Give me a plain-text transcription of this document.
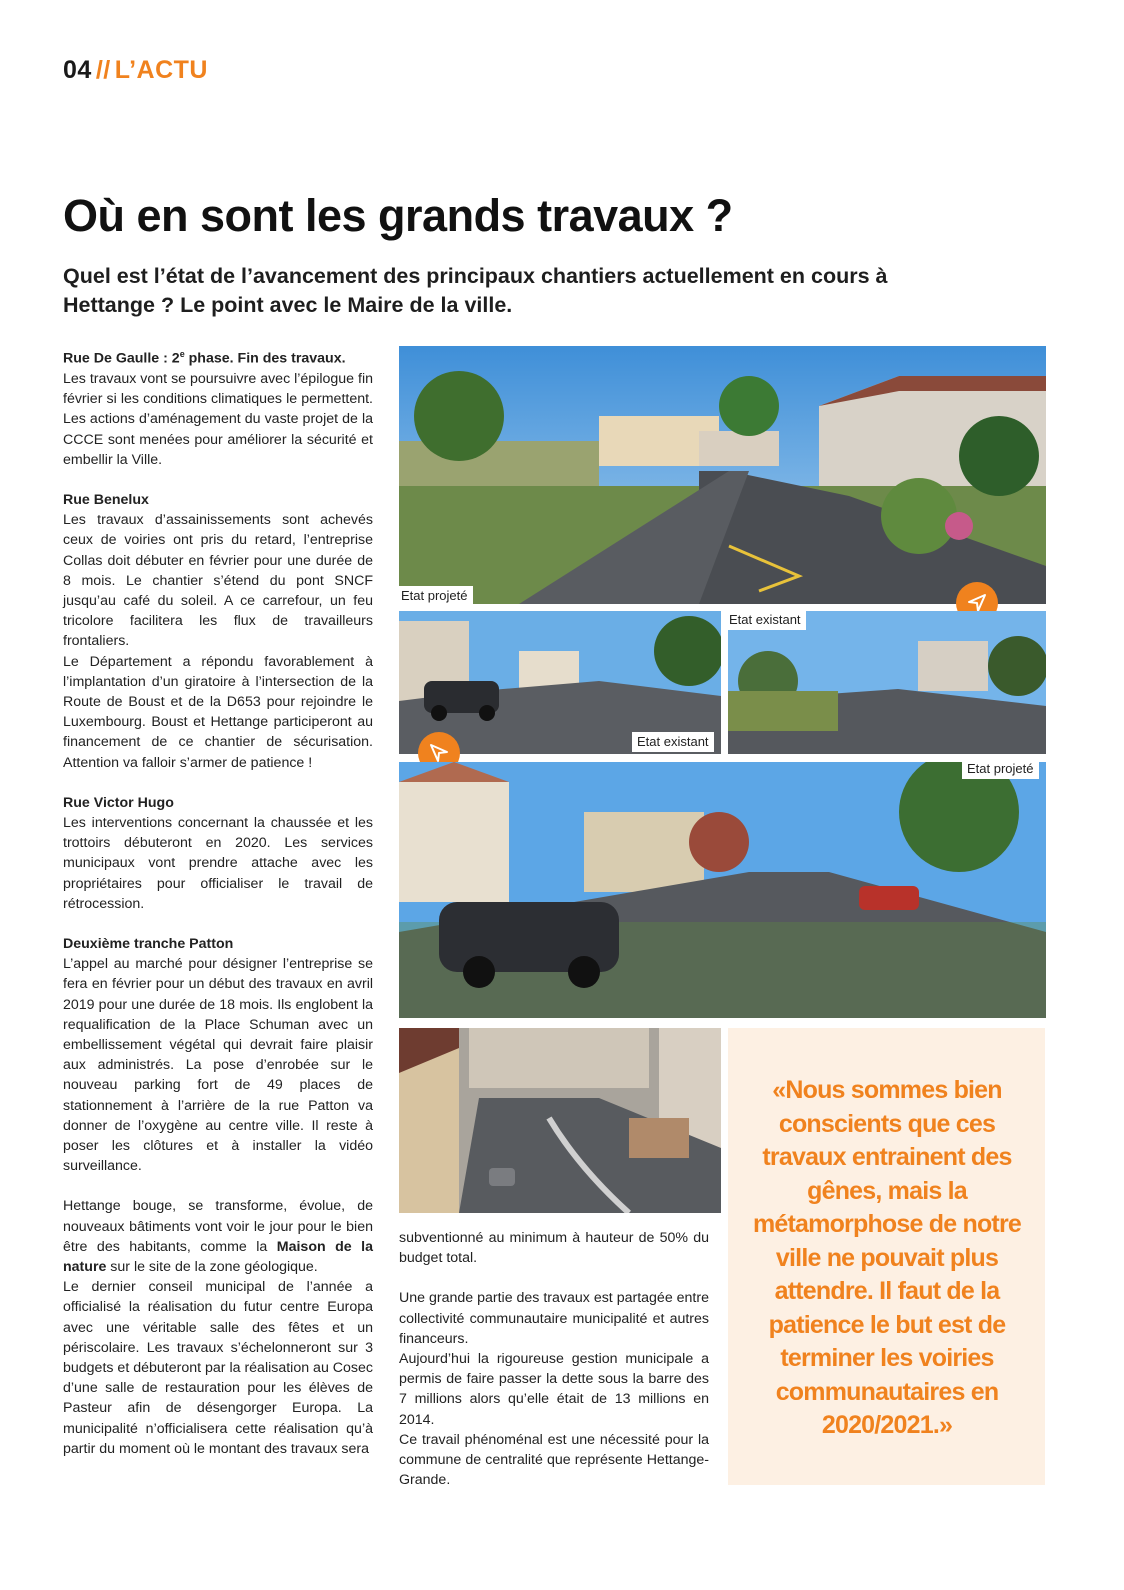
04 // L’ACTU
Où en sont les grands travaux ?

Quel est l’état de l’avancement des principaux chantiers actuellement en cours à Hettange ? Le point avec le Maire de la ville.

Rue De Gaulle : 2e phase. Fin des travaux.

Les travaux vont se poursuivre avec l’épilogue fin février si les conditions climatiques le permettent. Les actions d’aménagement du vaste projet de la CCCE sont menées pour améliorer la sécurité et embellir la Ville.

Rue Benelux

Les travaux d’assainissements sont achevés ceux de voiries ont pris du retard, l’entreprise Collas doit débuter en février pour une durée de 8 mois. Le chantier s’étend du pont SNCF jusqu’au café du soleil. A ce carrefour, un feu tricolore facilitera les flux de travailleurs frontaliers.

Le Département a répondu favorablement à l’implantation d’un giratoire à l’intersection de la Route de Boust et de la D653 pour rejoindre le Luxembourg. Boust et Hettange participeront au financement de ce chantier de sécurisation. Attention va falloir s’armer de patience !

Rue Victor Hugo

Les interventions concernant la chaussée et les trottoirs débuteront en 2020. Les services municipaux vont prendre attache avec les propriétaires pour officialiser le travail de rétrocession.

Deuxième tranche Patton

L’appel au marché pour désigner l’entreprise se fera en février pour un début des travaux en avril 2019 pour une durée de 18 mois. Ils englobent la requalification de la Place Schuman avec un embellissement végétal qui devrait faire plaisir aux administrés. La pose d’enrobée sur le nouveau parking fort de 49 places de stationnement à l’arrière de la rue Patton va donner de l’oxygène au centre ville. Il reste à poser les clôtures et à installer la vidéo surveillance.

Hettange bouge, se transforme, évolue, de nouveaux bâtiments vont voir le jour pour le bien être des habitants, comme la Maison de la nature sur le site de la zone géologique.

Le dernier conseil municipal de l’année a officialisé la réalisation du futur centre Europa avec une véritable salle des fêtes et un périscolaire. Les travaux s’échelonneront sur 3 budgets et débuteront par la réalisation au Cosec d’une salle de restauration pour les élèves de Pasteur afin de désengorger Europa. La municipalité n’officialisera cette réalisation qu’à partir du moment où le montant des travaux sera

subventionné au minimum à hauteur de 50% du budget total.

Une grande partie des travaux est partagée entre collectivité communautaire municipalité et autres financeurs.

Aujourd’hui la rigoureuse gestion municipale a permis de faire passer la dette sous la barre des 7 millions alors qu’elle était de 13 millions en 2014.

Ce travail phénoménal est une nécessité pour la commune de centralité que représente Hettange-Grande.

Etat projeté
Etat existant
Etat existant
Etat projeté
«Nous sommes bien conscients que ces travaux entrainent des gênes, mais la métamorphose de notre ville ne pouvait plus attendre. Il faut de la patience le but est de terminer les voiries communautaires en 2020/2021.»
